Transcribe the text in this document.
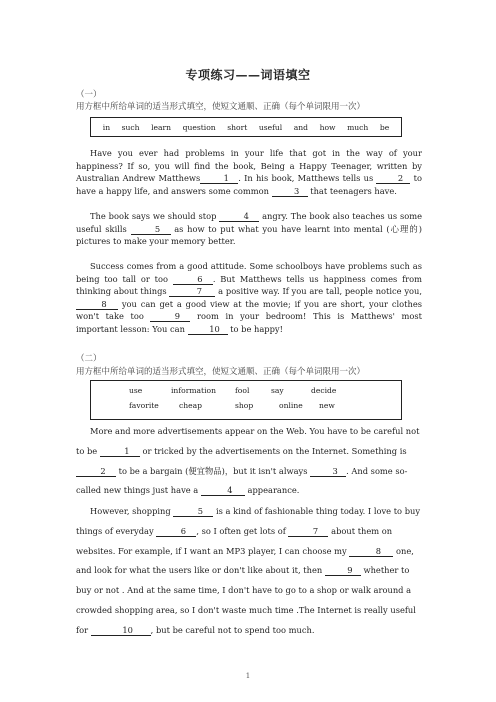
专项练习——词语填空
（一）
用方框中所给单词的适当形式填空，使短文通顺、正确（每个单词限用一次）
in such learn question short useful and how much be
Have you ever had problems in your life that got in the way of your happiness? If so, you will find the book, Being a Happy Teenager, written by Australian Andrew Matthews	1 . In his book, Matthews tells us	2 to have a happy life, and answers some common	3 that teenagers have.
The book says we should stop	4 angry. The book also teaches us some useful skills	5 as how to put what you have learnt into mental (心理的) pictures to make your memory better.
Success comes from a good attitude. Some schoolboys have problems such as being too tall or too	6 . But Matthews tells us happiness comes from thinking about things	7 a positive way. If you are tall, people notice you, 8 you can get a good view at the movie; if you are short, your clothes won't take too	9 room in your bedroom! This is Matthews' most important lesson: You can	10 to be happy!
（二）
用方框中所给单词的适当形式填空，使短文通顺、正确（每个单词限用一次）
use	information	fool	say	decide
favorite	cheap	shop	online	new
More and more advertisements appear on the Web. You have to be careful not to be	1 or tricked by the advertisements on the Internet. Something is 2 to be a bargain (便宜物品)，but it isn't always	3 . And some so-called new things just have a	4 appearance.
However, shopping	5 is a kind of fashionable thing today. I love to buy things of everyday	6 , so I often get lots of	7 about them on websites. For example, if I want an MP3 player, I can choose my	8 one, and look for what the users like or don't like about it, then	9 whether to buy or not . And at the same time, I don't have to go to a shop or walk around a crowded shopping area, so I don't waste much time .The Internet is really useful for	10 , but be careful not to spend too much.
1
